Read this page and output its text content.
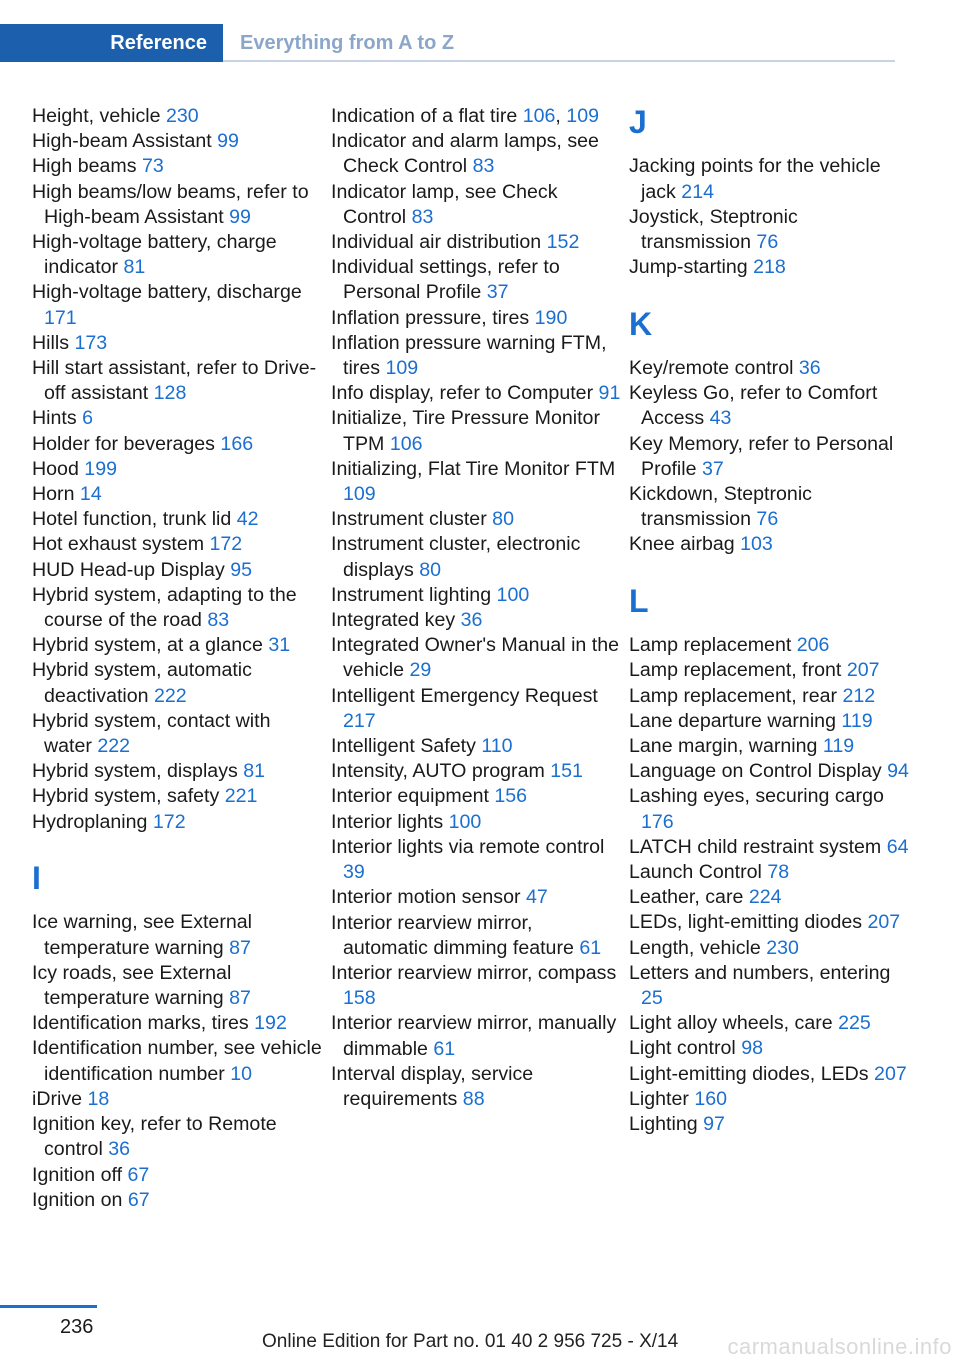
Reference	Everything from A to Z
Height, vehicle 230
High-beam Assistant 99
High beams 73
High beams/low beams, refer to High-beam Assistant 99
High-voltage battery, charge indicator 81
High-voltage battery, discharge 171
Hills 173
Hill start assistant, refer to Drive-off assistant 128
Hints 6
Holder for beverages 166
Hood 199
Horn 14
Hotel function, trunk lid 42
Hot exhaust system 172
HUD Head-up Display 95
Hybrid system, adapting to the course of the road 83
Hybrid system, at a glance 31
Hybrid system, automatic deactivation 222
Hybrid system, contact with water 222
Hybrid system, displays 81
Hybrid system, safety 221
Hydroplaning 172
I
Ice warning, see External temperature warning 87
Icy roads, see External temperature warning 87
Identification marks, tires 192
Identification number, see vehicle identification number 10
iDrive 18
Ignition key, refer to Remote control 36
Ignition off 67
Ignition on 67
Indication of a flat tire 106, 109
Indicator and alarm lamps, see Check Control 83
Indicator lamp, see Check Control 83
Individual air distribution 152
Individual settings, refer to Personal Profile 37
Inflation pressure, tires 190
Inflation pressure warning FTM, tires 109
Info display, refer to Computer 91
Initialize, Tire Pressure Monitor TPM 106
Initializing, Flat Tire Monitor FTM 109
Instrument cluster 80
Instrument cluster, electronic displays 80
Instrument lighting 100
Integrated key 36
Integrated Owner's Manual in the vehicle 29
Intelligent Emergency Request 217
Intelligent Safety 110
Intensity, AUTO program 151
Interior equipment 156
Interior lights 100
Interior lights via remote control 39
Interior motion sensor 47
Interior rearview mirror, automatic dimming feature 61
Interior rearview mirror, compass 158
Interior rearview mirror, manually dimmable 61
Interval display, service requirements 88
J
Jacking points for the vehicle jack 214
Joystick, Steptronic transmission 76
Jump-starting 218
K
Key/remote control 36
Keyless Go, refer to Comfort Access 43
Key Memory, refer to Personal Profile 37
Kickdown, Steptronic transmission 76
Knee airbag 103
L
Lamp replacement 206
Lamp replacement, front 207
Lamp replacement, rear 212
Lane departure warning 119
Lane margin, warning 119
Language on Control Display 94
Lashing eyes, securing cargo 176
LATCH child restraint system 64
Launch Control 78
Leather, care 224
LEDs, light-emitting diodes 207
Length, vehicle 230
Letters and numbers, entering 25
Light alloy wheels, care 225
Light control 98
Light-emitting diodes, LEDs 207
Lighter 160
Lighting 97
236
Online Edition for Part no. 01 40 2 956 725 - X/14 carmanualsonline.info
